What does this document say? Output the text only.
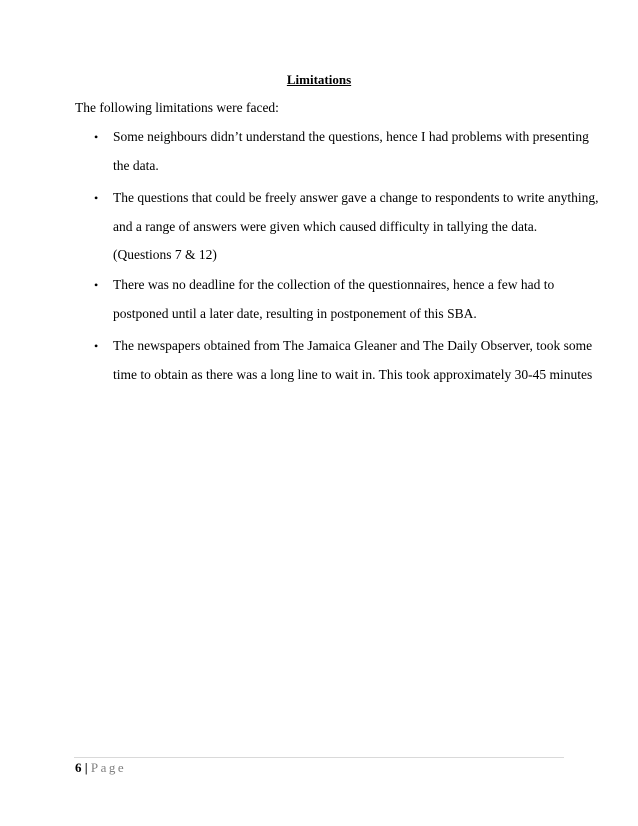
Limitations
The following limitations were faced:
• Some neighbours didn’t understand the questions, hence I had problems with presenting
the data.
• The questions that could be freely answer gave a change to respondents to write anything,
and a range of answers were given which caused difficulty in tallying the data.
(Questions 7 & 12)
• There was no deadline for the collection of the questionnaires, hence a few had to
postponed until a later date, resulting in postponement of this SBA.
• The newspapers obtained from The Jamaica Gleaner and The Daily Observer, took some
time to obtain as there was a long line to wait in. This took approximately 30-45 minutes
6 | Page
